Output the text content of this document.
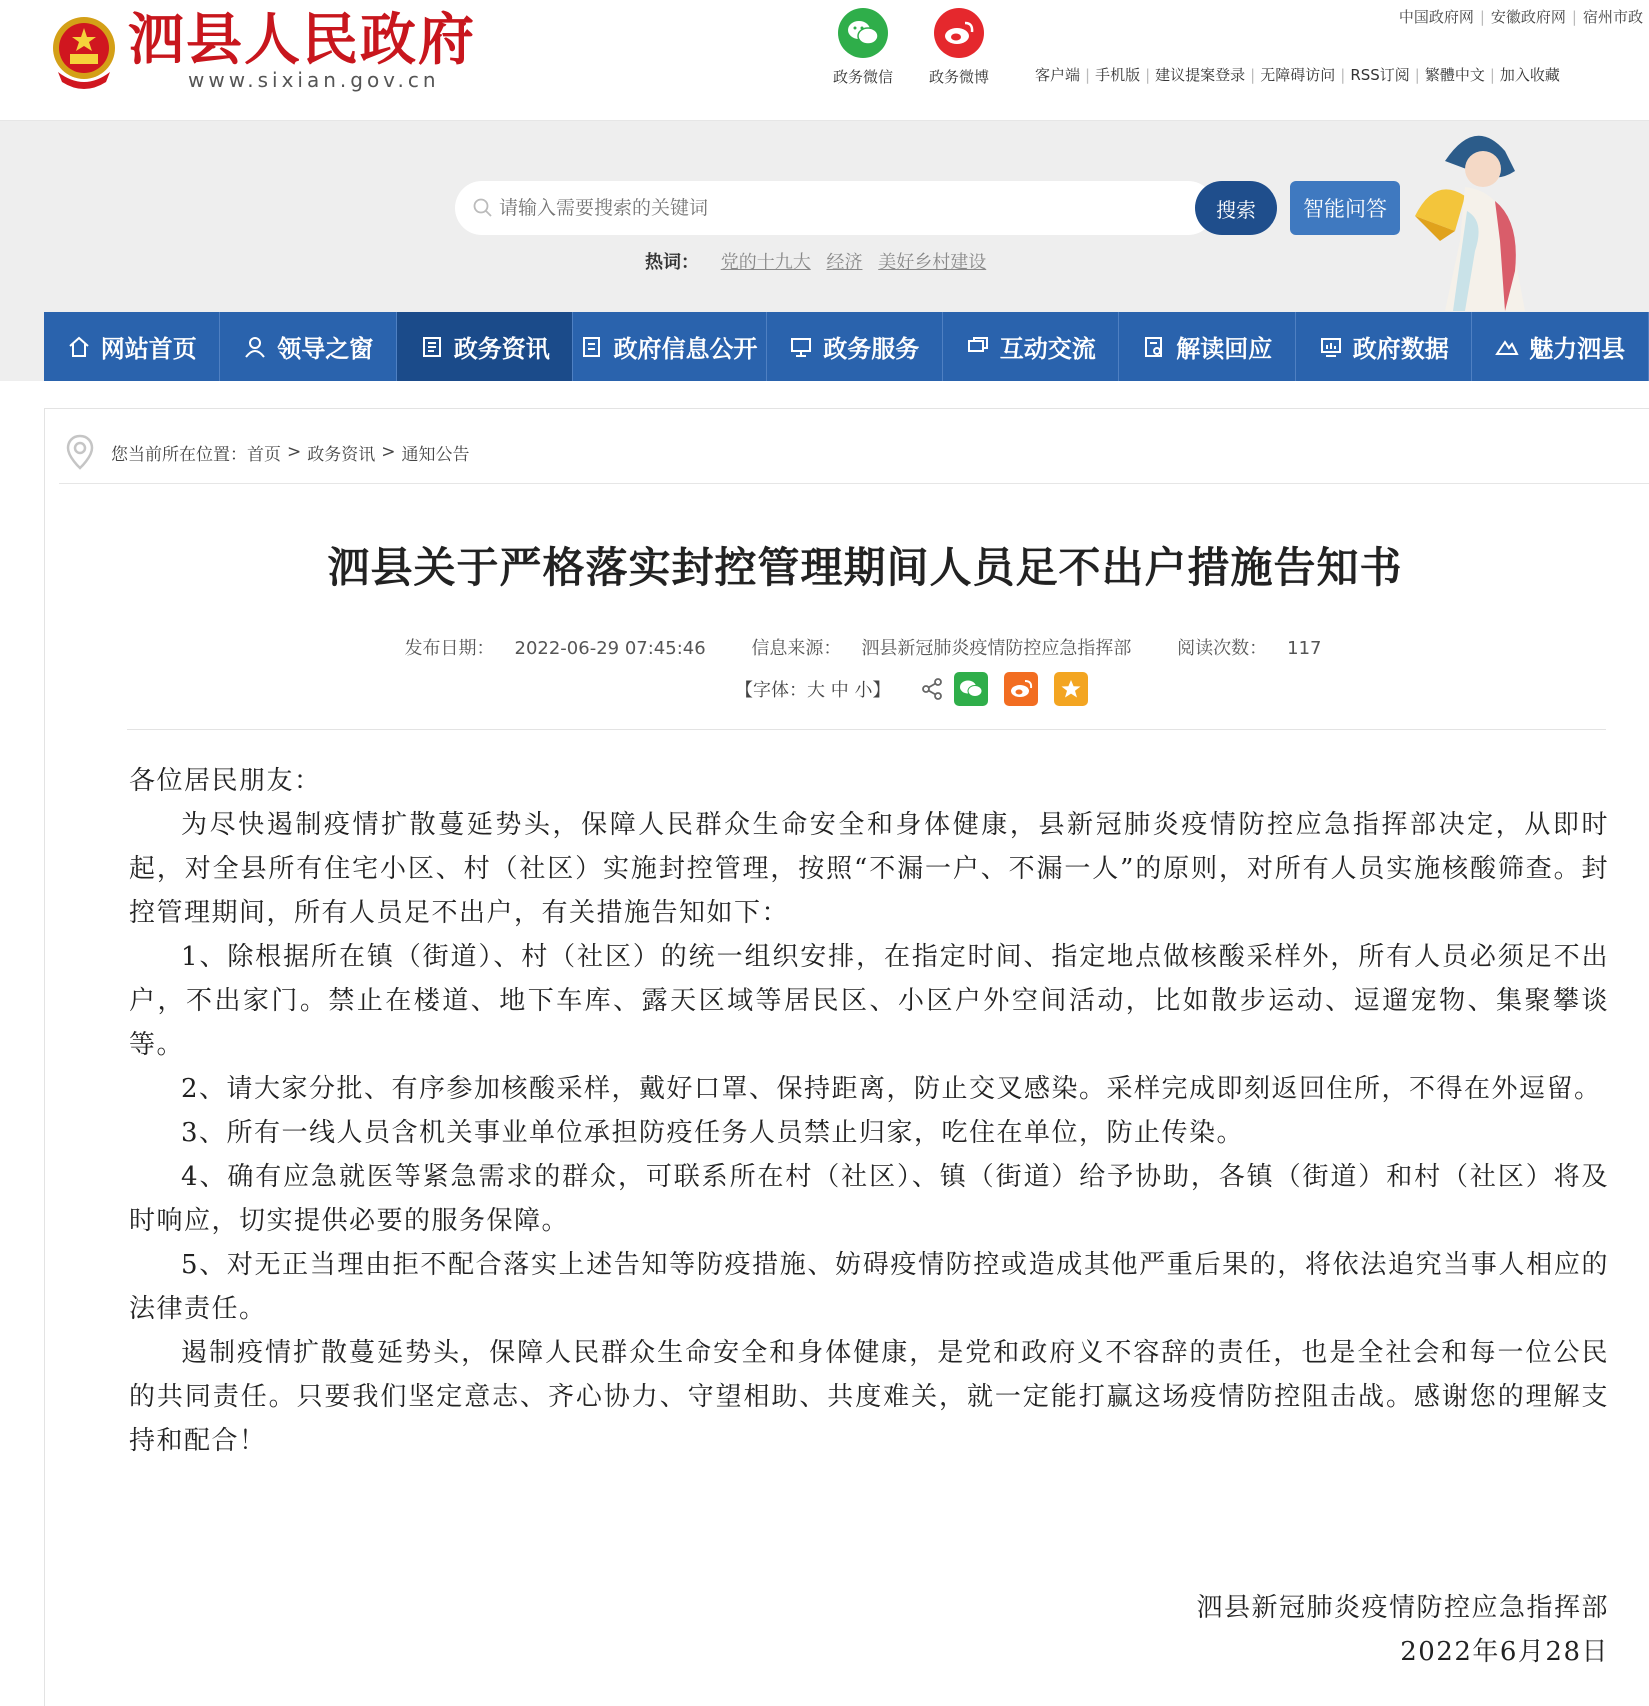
泗县人民政府
www.sixian.gov.cn	政务微信	政务微博
中国政府网 | 安徽政府网 | 宿州市政
客户端 | 手机版 | 建议提案登录 | 无障碍访问 | RSS订阅 | 繁體中文 | 加入收藏
请输入需要搜索的关键词
搜索	智能问答
热词： 党的十九大 经济 美好乡村建设
网站首页	领导之窗	政务资讯	政府信息公开	政务服务	互动交流	解读回应	政府数据	魅力泗县
您当前所在位置： 首页 > 政务资讯 > 通知公告
泗县关于严格落实封控管理期间人员足不出户措施告知书
发布日期： 2022-06-29 07:45:46	信息来源： 泗县新冠肺炎疫情防控应急指挥部	阅读次数： 117
【字体：大 中 小】

各位居民朋友：

为尽快遏制疫情扩散蔓延势头，保障人民群众生命安全和身体健康，县新冠肺炎疫情防控应急指挥部决定，从即时起，对全县所有住宅小区、村（社区）实施封控管理，按照“不漏一户、不漏一人”的原则，对所有人员实施核酸筛查。封控管理期间，所有人员足不出户，有关措施告知如下：

1、除根据所在镇（街道）、村（社区）的统一组织安排，在指定时间、指定地点做核酸采样外，所有人员必须足不出户，不出家门。禁止在楼道、地下车库、露天区域等居民区、小区户外空间活动，比如散步运动、逗遛宠物、集聚攀谈等。

2、请大家分批、有序参加核酸采样，戴好口罩、保持距离，防止交叉感染。采样完成即刻返回住所，不得在外逗留。

3、所有一线人员含机关事业单位承担防疫任务人员禁止归家，吃住在单位，防止传染。

4、确有应急就医等紧急需求的群众，可联系所在村（社区）、镇（街道）给予协助，各镇（街道）和村（社区）将及时响应，切实提供必要的服务保障。

5、对无正当理由拒不配合落实上述告知等防疫措施、妨碍疫情防控或造成其他严重后果的，将依法追究当事人相应的法律责任。

遏制疫情扩散蔓延势头，保障人民群众生命安全和身体健康，是党和政府义不容辞的责任，也是全社会和每一位公民的共同责任。只要我们坚定意志、齐心协力、守望相助、共度难关，就一定能打赢这场疫情防控阻击战。感谢您的理解支持和配合！

泗县新冠肺炎疫情防控应急指挥部
2022年6月28日
